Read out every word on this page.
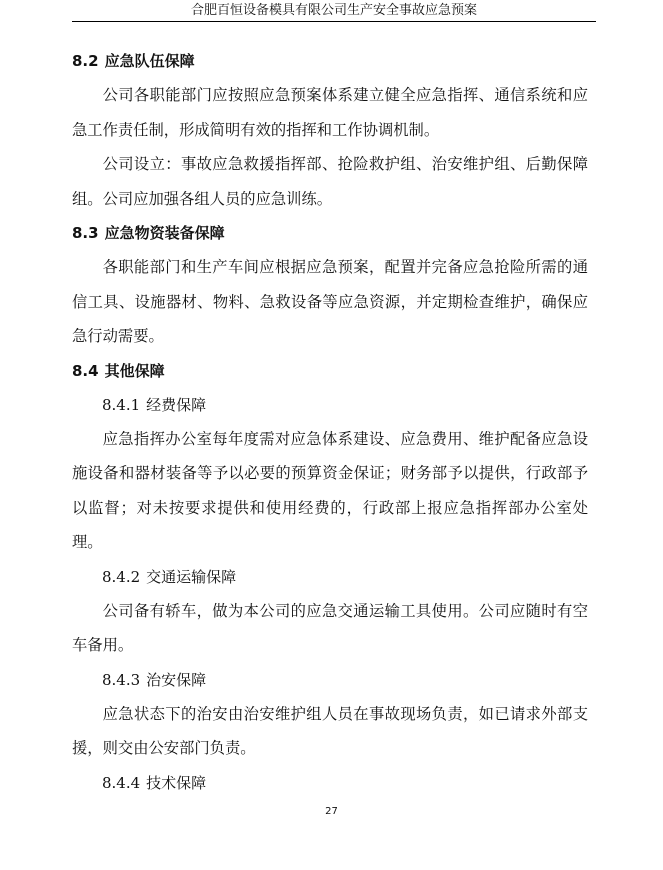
合肥百恒设备模具有限公司生产安全事故应急预案
8.2 应急队伍保障

公司各职能部门应按照应急预案体系建立健全应急指挥、通信系统和应急工作责任制，形成简明有效的指挥和工作协调机制。

公司设立：事故应急救援指挥部、抢险救护组、治安维护组、后勤保障组。公司应加强各组人员的应急训练。

8.3 应急物资装备保障

各职能部门和生产车间应根据应急预案，配置并完备应急抢险所需的通信工具、设施器材、物料、急救设备等应急资源，并定期检查维护，确保应急行动需要。

8.4 其他保障
8.4.1 经费保障

应急指挥办公室每年度需对应急体系建设、应急费用、维护配备应急设施设备和器材装备等予以必要的预算资金保证；财务部予以提供，行政部予以监督；对未按要求提供和使用经费的，行政部上报应急指挥部办公室处理。

8.4.2 交通运输保障

公司备有轿车，做为本公司的应急交通运输工具使用。公司应随时有空车备用。

8.4.3 治安保障

应急状态下的治安由治安维护组人员在事故现场负责，如已请求外部支援，则交由公安部门负责。

8.4.4 技术保障
27
